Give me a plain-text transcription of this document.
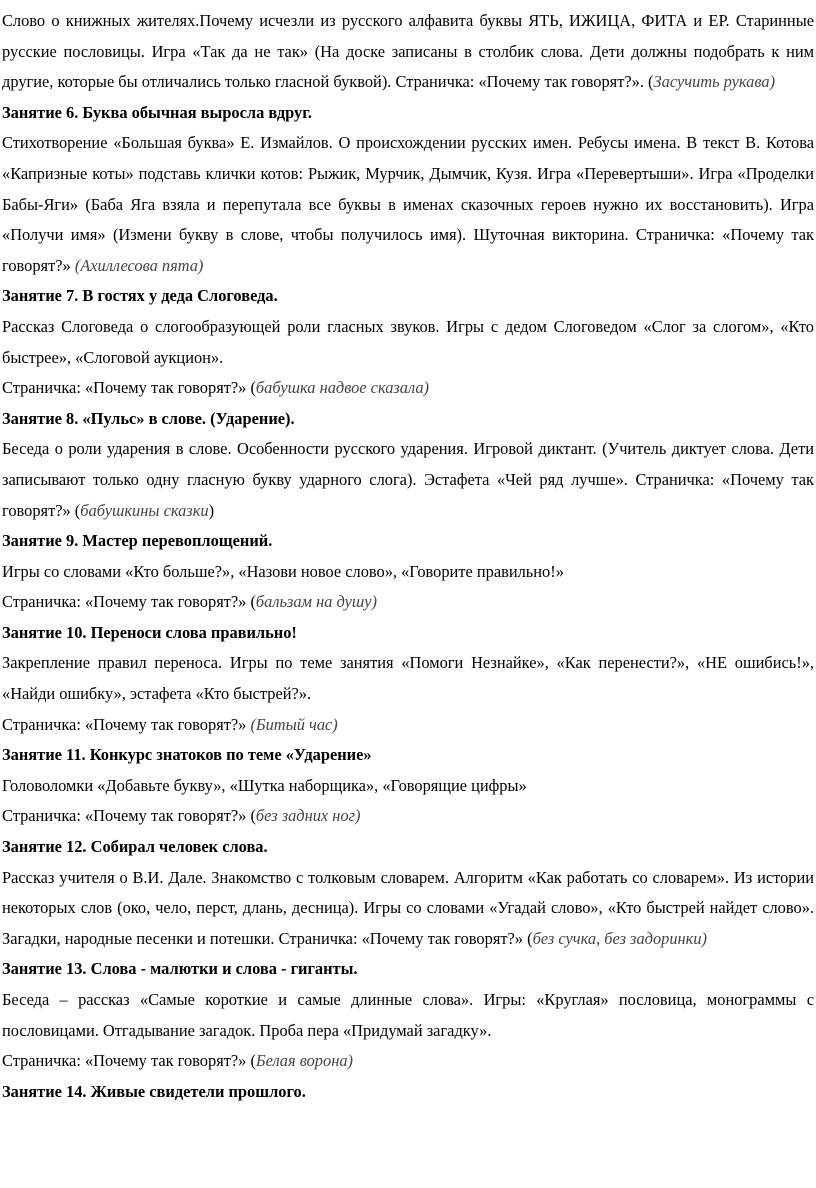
Слово о книжных жителях.Почему исчезли из русского алфавита буквы ЯТЬ, ИЖИЦА, ФИТА и ЕР. Старинные русские пословицы. Игра «Так да не так» (На доске записаны в столбик слова. Дети должны подобрать к ним другие, которые бы отличались только гласной буквой). Страничка: «Почему так говорят?». (Засучить рукава)

Занятие 6. Буква обычная выросла вдруг.

Стихотворение «Большая буква» Е. Измайлов. О происхождении русских имен. Ребусы имена. В текст В. Котова «Капризные коты» подставь клички котов: Рыжик, Мурчик, Дымчик, Кузя. Игра «Перевертыши». Игра «Проделки Бабы-Яги» (Баба Яга взяла и перепутала все буквы в именах сказочных героев нужно их восстановить). Игра «Получи имя» (Измени букву в слове, чтобы получилось имя). Шуточная викторина. Страничка: «Почему так говорят?» (Ахиллесова пята)

Занятие 7. В гостях у деда Слоговеда.

Рассказ Слоговеда о слогообразующей роли гласных звуков. Игры с дедом Слоговедом «Слог за слогом», «Кто быстрее», «Слоговой аукцион».

Страничка: «Почему так говорят?» (бабушка надвое сказала)

Занятие 8. «Пульс» в слове. (Ударение).

Беседа о роли ударения в слове. Особенности русского ударения. Игровой диктант. (Учитель диктует слова. Дети записывают только одну гласную букву ударного слога). Эстафета «Чей ряд лучше». Страничка: «Почему так говорят?» (бабушкины сказки)

Занятие 9. Мастер перевоплощений.

Игры со словами «Кто больше?», «Назови новое слово», «Говорите правильно!»

Страничка: «Почему так говорят?» (бальзам на душу)

Занятие 10. Переноси слова правильно!

Закрепление правил переноса. Игры по теме занятия «Помоги Незнайке», «Как перенести?», «НЕ ошибись!», «Найди ошибку», эстафета «Кто быстрей?».

Страничка: «Почему так говорят?» (Битый час)

Занятие 11. Конкурс знатоков по теме «Ударение»

Головоломки «Добавьте букву», «Шутка наборщика», «Говорящие цифры»

Страничка: «Почему так говорят?» (без задних ног)

Занятие 12. Собирал человек слова.

Рассказ учителя о В.И. Дале. Знакомство с толковым словарем. Алгоритм «Как работать со словарем». Из истории некоторых слов (око, чело, перст, длань, десница). Игры со словами «Угадай слово», «Кто быстрей найдет слово». Загадки, народные песенки и потешки. Страничка: «Почему так говорят?» (без сучка, без задоринки)

Занятие 13. Слова - малютки и слова - гиганты.

Беседа – рассказ «Самые короткие и самые длинные слова». Игры: «Круглая» пословица, монограммы с пословицами. Отгадывание загадок. Проба пера «Придумай загадку».

Страничка: «Почему так говорят?» (Белая ворона)

Занятие 14. Живые свидетели прошлого.
